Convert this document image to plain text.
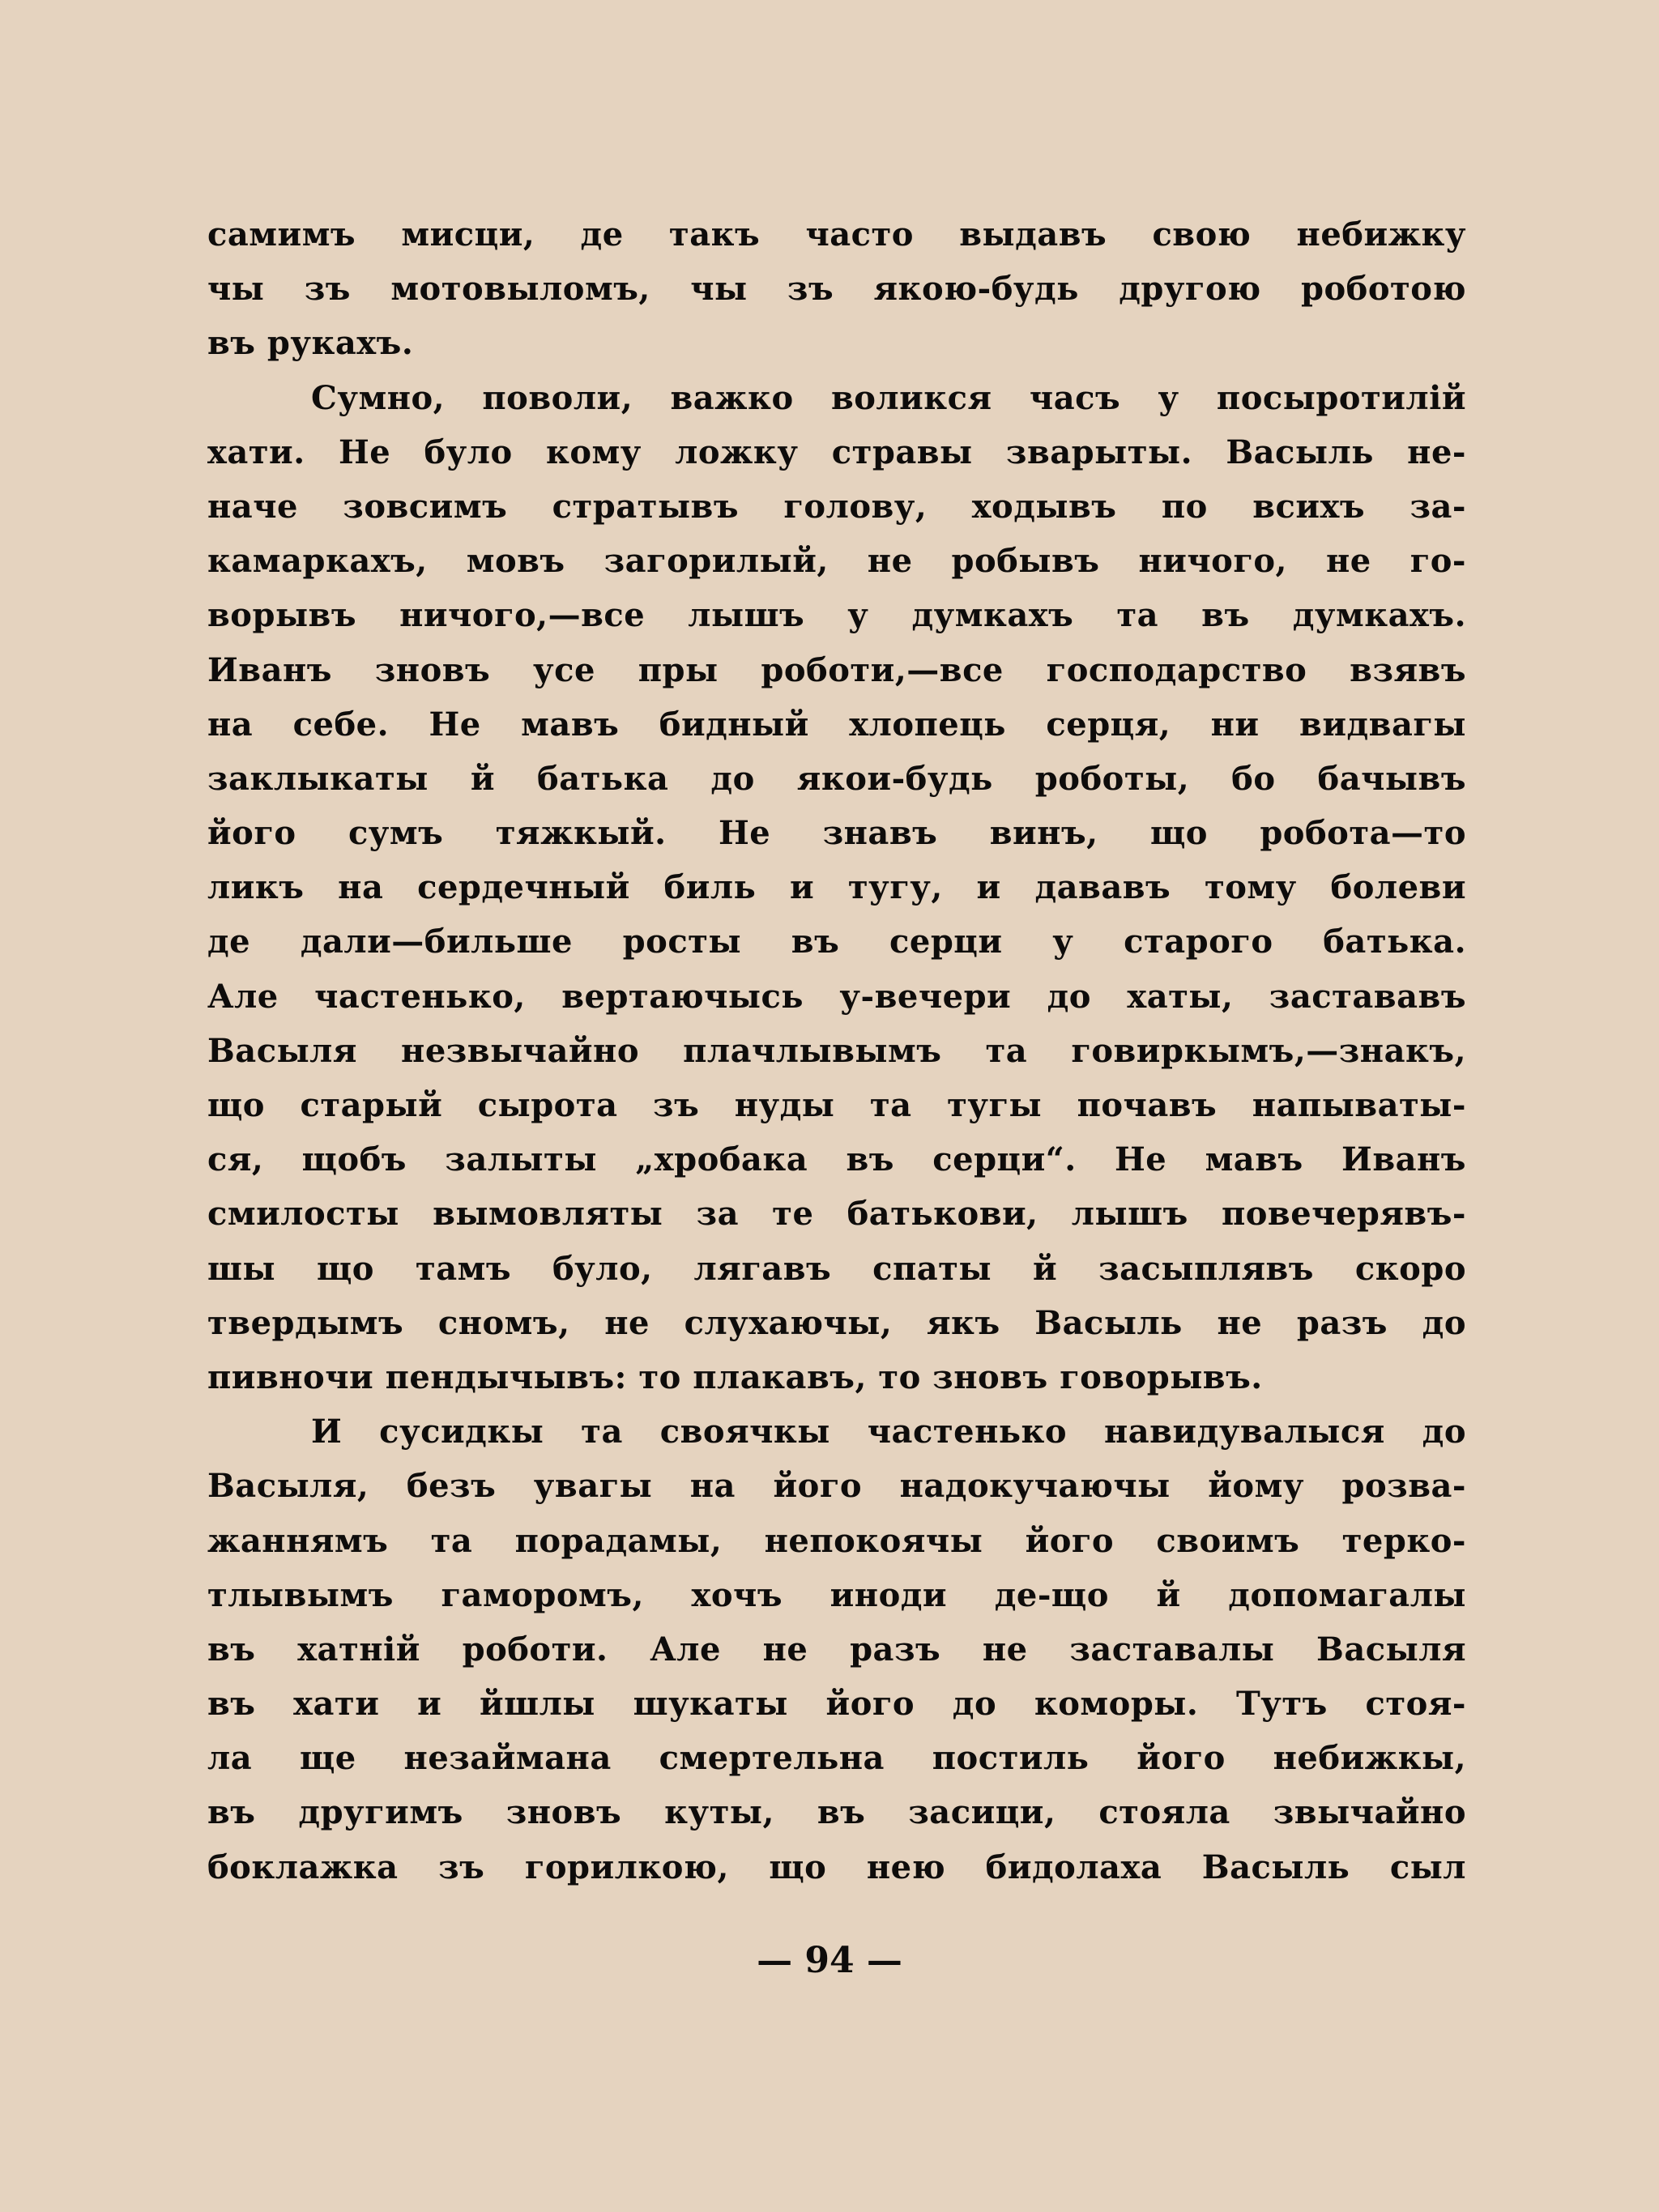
самимъ мисци, де такъ часто выдавъ свою небижку
чы зъ мотовыломъ, чы зъ якою-будь другою роботою
въ рукахъ.
Сумно, поволи, важко воликся часъ у посыротилій
хати. Не було кому ложку стравы зварыты. Васыль не-
наче зовсимъ стратывъ голову, ходывъ по всихъ за-
камаркахъ, мовъ загорилый, не робывъ ничого, не го-
ворывъ ничого,—все лышъ у думкахъ та въ думкахъ.
Иванъ зновъ усе пры роботи,—все господарство взявъ
на себе. Не мавъ бидный хлопець серця, ни видвагы
заклыкаты й батька до якои-будь роботы, бо бачывъ
його сумъ тяжкый. Не знавъ винъ, що робота—то
ликъ на сердечный биль и тугу, и дававъ тому болеви
де дали—бильше росты въ серци у старого батька.
Але частенько, вертаючысь у-вечери до хаты, застававъ
Васыля незвычайно плачлывымъ та говиркымъ,—знакъ,
що старый сырота зъ нуды та тугы почавъ напываты-
ся, щобъ залыты „хробака въ серци“. Не мавъ Иванъ
смилосты вымовляты за те батькови, лышъ повечерявъ-
шы що тамъ було, лягавъ спаты й засыплявъ скоро
твердымъ сномъ, не слухаючы, якъ Васыль не разъ до
пивночи пендычывъ: то плакавъ, то зновъ говорывъ.
И сусидкы та своячкы частенько навидувалыся до
Васыля, безъ увагы на його надокучаючы йому розва-
жаннямъ та порадамы, непокоячы його своимъ терко-
тлывымъ гаморомъ, хочъ иноди де-що й допомагалы
въ хатній роботи. Але не разъ не заставалы Васыля
въ хати и йшлы шукаты його до коморы. Тутъ стоя-
ла ще незаймана смертельна постиль його небижкы,
въ другимъ зновъ куты, въ засици, стояла звычайно
боклажка зъ горилкою, що нею бидолаха Васыль сыл
— 94 —
